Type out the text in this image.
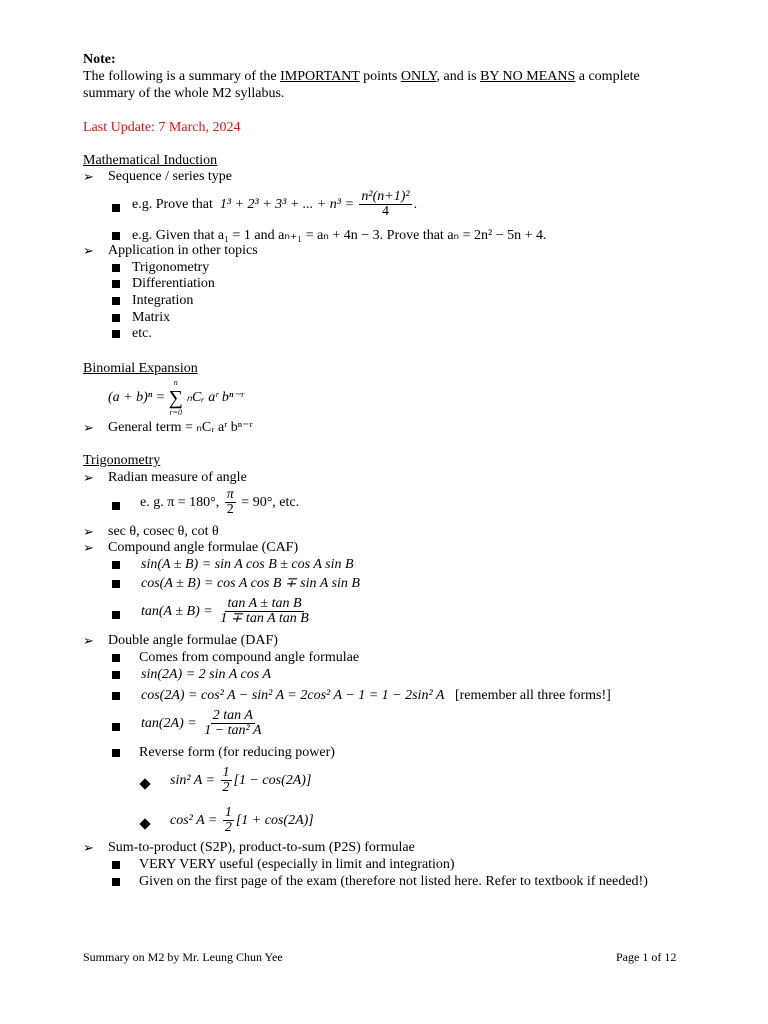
Note:
The following is a summary of the IMPORTANT points ONLY, and is BY NO MEANS a complete
summary of the whole M2 syllabus.
Last Update: 7 March, 2024
Mathematical Induction
➢ Sequence / series type
e.g. Prove that 1³ + 2³ + 3³ + ... + $n^3 = \frac{\text{n²(n+1)²}}{4}$ .
e.g. Given that a₁ = 1 and aₙ₊₁ = aₙ + 4n − 3. Prove that aₙ = 2n² − 5n + 4.
➢ Application in other topics
Trigonometry
Differentiation
Integration
Matrix
etc.
Binomial Expansion
(a + b)ⁿ =
n
∑
r=0
ₙCᵣ aʳ bⁿ⁻ʳ
➢ General term = ₙCᵣ aʳ bⁿ⁻ʳ
Trigonometry
➢ Radian measure of angle
e. g. π = 180°, $\frac{\pi}{2} = 90^\circ$, etc.
➢ sec θ, cosec θ, cot θ
➢ Compound angle formulae (CAF)
sin(A ± B) = sin A cos B ± cos A sin B
cos(A ± B) = cos A cos B ∓ sin A sin B
$\tan(A \pm B) = \frac{\text{tan A ± tan B}}{\text{1 ∓ tan A tan B}}$
➢ Double angle formulae (DAF)
Comes from compound angle formulae
sin(2A) = 2 sin A cos A
cos(2A) = cos² A − sin² A = 2cos² A − 1 = 1 − 2sin² A [remember all three forms!]
$\tan(2A) = \frac{\text{2 tan A}}{\text{1 − tan² A}}$
Reverse form (for reducing power)
sin² $A = \frac{1}{2} [1 - \cos(2A)]$
cos² $A = \frac{1}{2} [1 + \cos(2A)]$
➢ Sum-to-product (S2P), product-to-sum (P2S) formulae
VERY VERY useful (especially in limit and integration)
Given on the first page of the exam (therefore not listed here. Refer to textbook if needed!)
Summary on M2 by Mr. Leung Chun Yee	Page 1 of 12
